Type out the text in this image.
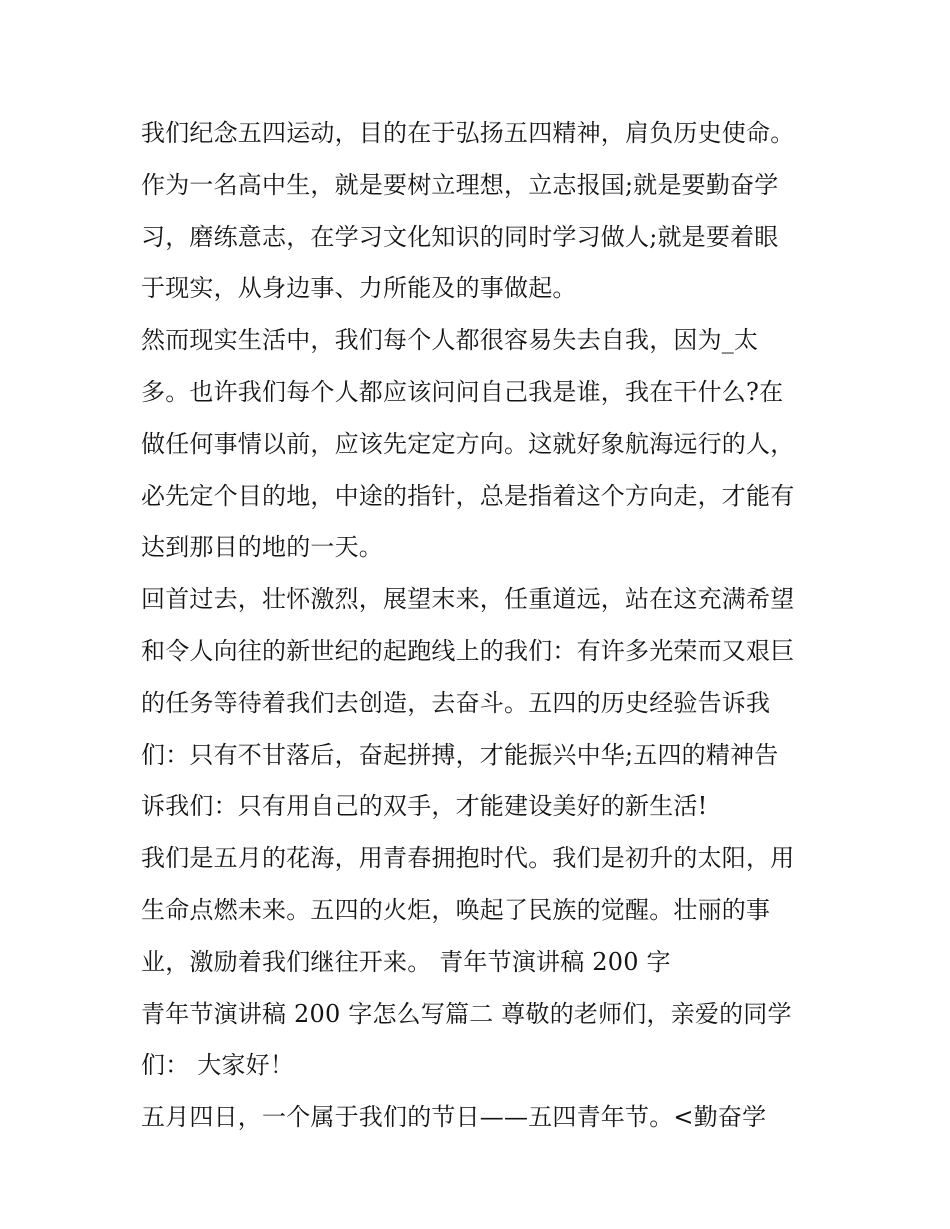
我们纪念五四运动，目的在于弘扬五四精神，肩负历史使命。
作为一名高中生，就是要树立理想，立志报国;就是要勤奋学
习，磨练意志，在学习文化知识的同时学习做人;就是要着眼
于现实，从身边事、力所能及的事做起。
然而现实生活中，我们每个人都很容易失去自我，因为_太
多。也许我们每个人都应该问问自己我是谁，我在干什么?在
做任何事情以前，应该先定定方向。这就好象航海远行的人，
必先定个目的地，中途的指针，总是指着这个方向走，才能有
达到那目的地的一天。
回首过去，壮怀激烈，展望末来，任重道远，站在这充满希望
和令人向往的新世纪的起跑线上的我们：有许多光荣而又艰巨
的任务等待着我们去创造，去奋斗。五四的历史经验告诉我
们：只有不甘落后，奋起拼搏，才能振兴中华;五四的精神告
诉我们：只有用自己的双手，才能建设美好的新生活!
我们是五月的花海，用青春拥抱时代。我们是初升的太阳，用
生命点燃未来。五四的火炬，唤起了民族的觉醒。壮丽的事
业，激励着我们继往开来。 青年节演讲稿 200 字
青年节演讲稿 200 字怎么写篇二 尊敬的老师们，亲爱的同学
们： 大家好！
五月四日，一个属于我们的节日——五四青年节。<勤奋学
